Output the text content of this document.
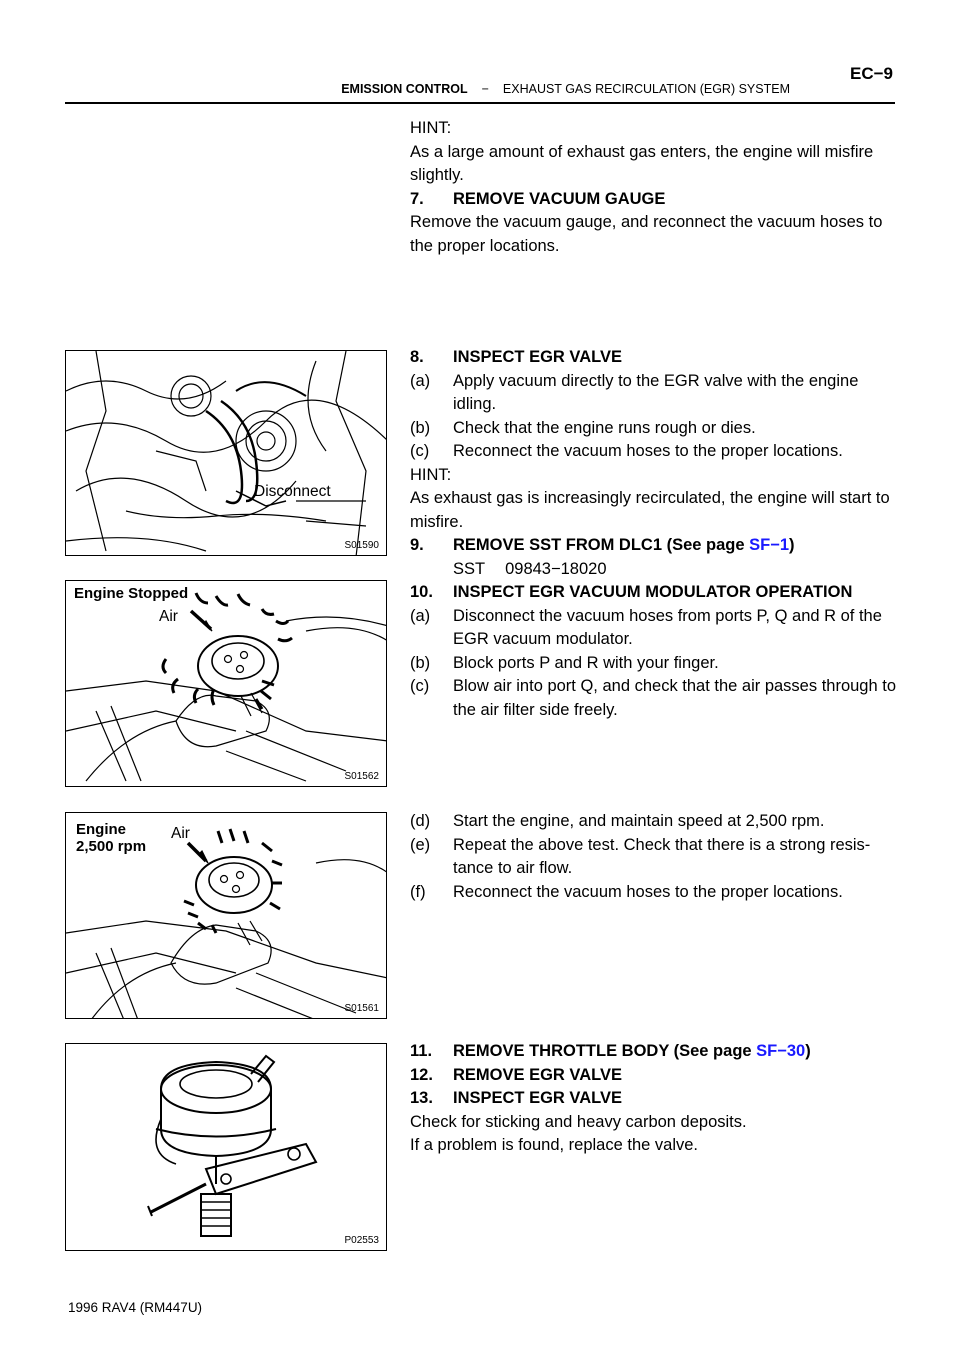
EC−9
EMISSION CONTROL − EXHAUST GAS RECIRCULATION (EGR) SYSTEM
Disconnect
S01590
Engine Stopped
Air
S01562
Engine
2,500 rpm
Air
S01561
P02553

HINT:

As a large amount of exhaust gas enters, the engine will misfire slightly.

7. REMOVE VACUUM GAUGE

Remove the vacuum gauge, and reconnect the vacuum hoses to the proper locations.

8. INSPECT EGR VALVE
(a) Apply vacuum directly to the EGR valve with the engine idling.
(b) Check that the engine runs rough or dies.
(c) Reconnect the vacuum hoses to the proper locations.

HINT:

As exhaust gas is increasingly recirculated, the engine will start to misfire.

9. REMOVE SST FROM DLC1 (See page SF−1)

SST 09843−18020

10. INSPECT EGR VACUUM MODULATOR OPERATION
(a) Disconnect the vacuum hoses from ports P, Q and R of the EGR vacuum modulator.
(b) Block ports P and R with your finger.
(c) Blow air into port Q, and check that the air passes through to the air filter side freely.
(d) Start the engine, and maintain speed at 2,500 rpm.
(e) Repeat the above test. Check that there is a strong resis-tance to air flow.
(f) Reconnect the vacuum hoses to the proper locations.
11. REMOVE THROTTLE BODY (See page SF−30)
12. REMOVE EGR VALVE
13. INSPECT EGR VALVE

Check for sticking and heavy carbon deposits.

If a problem is found, replace the valve.

1996 RAV4 (RM447U)
